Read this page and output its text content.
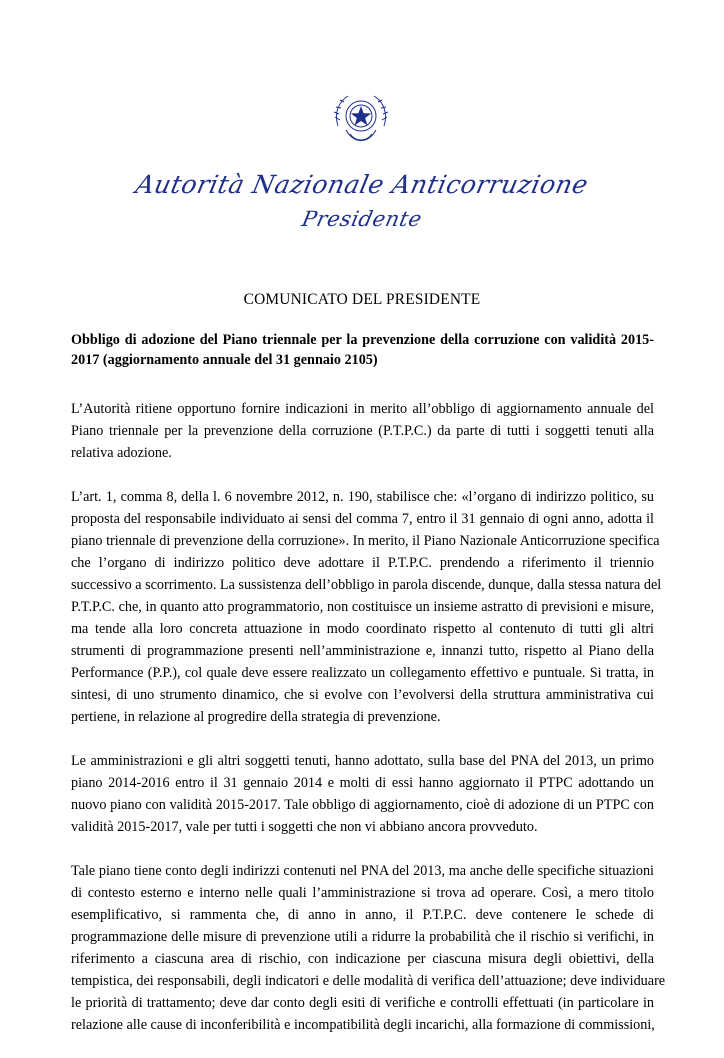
Autorità Nazionale Anticorruzione
Presidente
COMUNICATO DEL PRESIDENTE
Obbligo di adozione del Piano triennale per la prevenzione della corruzione con validità 2015-
2017 (aggiornamento annuale del 31 gennaio 2105)
L’Autorità ritiene opportuno fornire indicazioni in merito all’obbligo di aggiornamento annuale del
Piano triennale per la prevenzione della corruzione (P.T.P.C.) da parte di tutti i soggetti tenuti alla
relativa adozione.
L’art. 1, comma 8, della l. 6 novembre 2012, n. 190, stabilisce che: «l’organo di indirizzo politico, su
proposta del responsabile individuato ai sensi del comma 7, entro il 31 gennaio di ogni anno, adotta il
piano triennale di prevenzione della corruzione». In merito, il Piano Nazionale Anticorruzione specifica
che l’organo di indirizzo politico deve adottare il P.T.P.C. prendendo a riferimento il triennio
successivo a scorrimento. La sussistenza dell’obbligo in parola discende, dunque, dalla stessa natura del
P.T.P.C. che, in quanto atto programmatorio, non costituisce un insieme astratto di previsioni e misure,
ma tende alla loro concreta attuazione in modo coordinato rispetto al contenuto di tutti gli altri
strumenti di programmazione presenti nell’amministrazione e, innanzi tutto, rispetto al Piano della
Performance (P.P.), col quale deve essere realizzato un collegamento effettivo e puntuale. Si tratta, in
sintesi, di uno strumento dinamico, che si evolve con l’evolversi della struttura amministrativa cui
pertiene, in relazione al progredire della strategia di prevenzione.
Le amministrazioni e gli altri soggetti tenuti, hanno adottato, sulla base del PNA del 2013, un primo
piano 2014-2016 entro il 31 gennaio 2014 e molti di essi hanno aggiornato il PTPC adottando un
nuovo piano con validità 2015-2017. Tale obbligo di aggiornamento, cioè di adozione di un PTPC con
validità 2015-2017, vale per tutti i soggetti che non vi abbiano ancora provveduto.
Tale piano tiene conto degli indirizzi contenuti nel PNA del 2013, ma anche delle specifiche situazioni
di contesto esterno e interno nelle quali l’amministrazione si trova ad operare. Così, a mero titolo
esemplificativo, si rammenta che, di anno in anno, il P.T.P.C. deve contenere le schede di
programmazione delle misure di prevenzione utili a ridurre la probabilità che il rischio si verifichi, in
riferimento a ciascuna area di rischio, con indicazione per ciascuna misura degli obiettivi, della
tempistica, dei responsabili, degli indicatori e delle modalità di verifica dell’attuazione; deve individuare
le priorità di trattamento; deve dar conto degli esiti di verifiche e controlli effettuati (in particolare in
relazione alle cause di inconferibilità e incompatibilità degli incarichi, alla formazione di commissioni,
